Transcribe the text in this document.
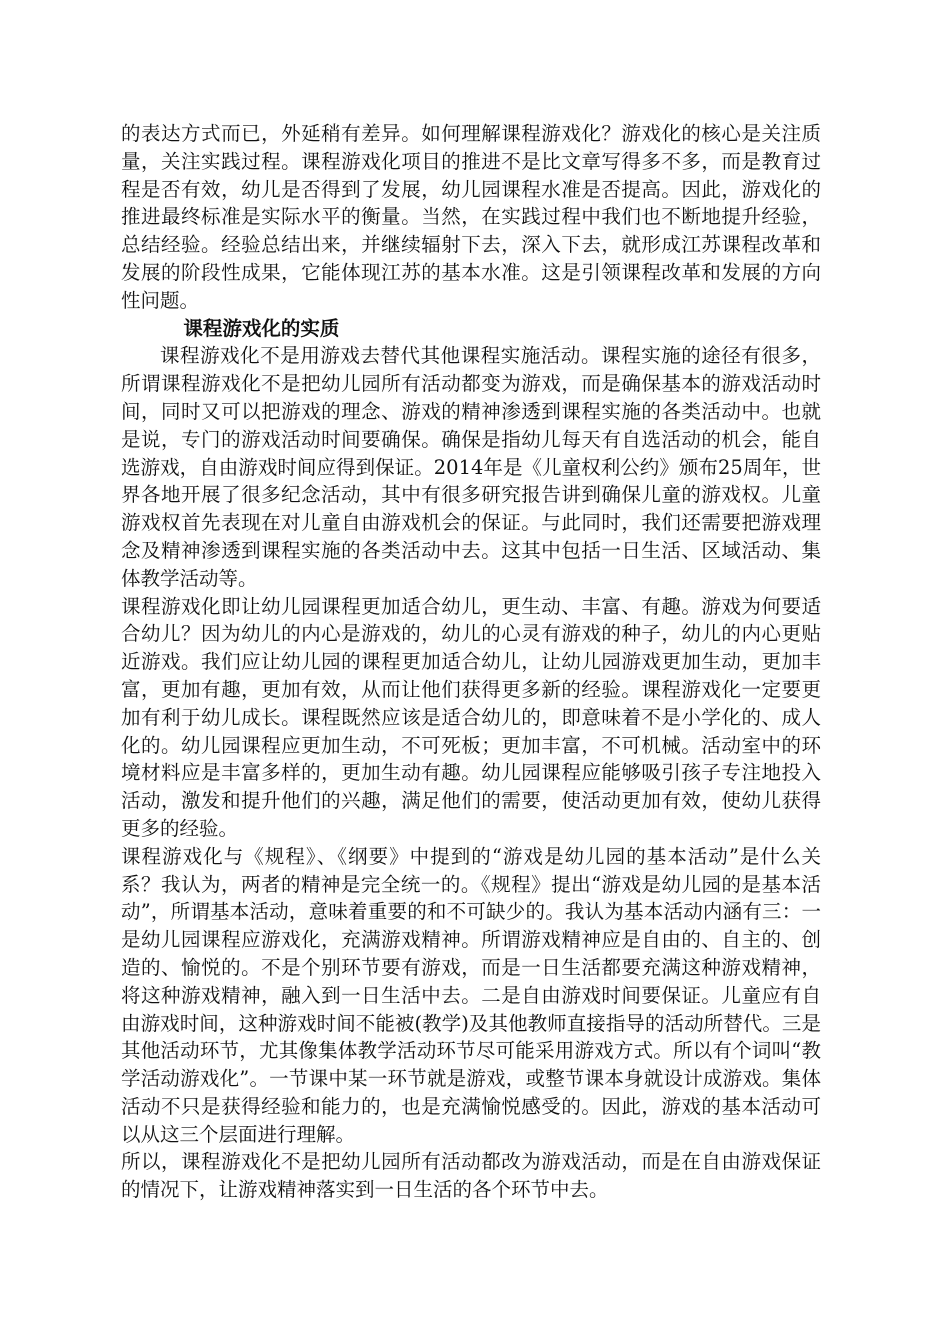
的表达方式而已，外延稍有差异。如何理解课程游戏化？游戏化的核心是关注质量，关注实践过程。课程游戏化项目的推进不是比文章写得多不多，而是教育过程是否有效，幼儿是否得到了发展，幼儿园课程水准是否提高。因此，游戏化的推进最终标准是实际水平的衡量。当然，在实践过程中我们也不断地提升经验，总结经验。经验总结出来，并继续辐射下去，深入下去，就形成江苏课程改革和发展的阶段性成果，它能体现江苏的基本水准。这是引领课程改革和发展的方向性问题。

课程游戏化的实质

课程游戏化不是用游戏去替代其他课程实施活动。课程实施的途径有很多，所谓课程游戏化不是把幼儿园所有活动都变为游戏，而是确保基本的游戏活动时间，同时又可以把游戏的理念、游戏的精神渗透到课程实施的各类活动中。也就是说，专门的游戏活动时间要确保。确保是指幼儿每天有自选活动的机会，能自选游戏，自由游戏时间应得到保证。2014年是《儿童权利公约》颁布25周年，世界各地开展了很多纪念活动，其中有很多研究报告讲到确保儿童的游戏权。儿童游戏权首先表现在对儿童自由游戏机会的保证。与此同时，我们还需要把游戏理念及精神渗透到课程实施的各类活动中去。这其中包括一日生活、区域活动、集体教学活动等。

课程游戏化即让幼儿园课程更加适合幼儿，更生动、丰富、有趣。游戏为何要适合幼儿？因为幼儿的内心是游戏的，幼儿的心灵有游戏的种子，幼儿的内心更贴近游戏。我们应让幼儿园的课程更加适合幼儿，让幼儿园游戏更加生动，更加丰富，更加有趣，更加有效，从而让他们获得更多新的经验。课程游戏化一定要更加有利于幼儿成长。课程既然应该是适合幼儿的，即意味着不是小学化的、成人化的。幼儿园课程应更加生动，不可死板；更加丰富，不可机械。活动室中的环境材料应是丰富多样的，更加生动有趣。幼儿园课程应能够吸引孩子专注地投入活动，激发和提升他们的兴趣，满足他们的需要，使活动更加有效，使幼儿获得更多的经验。

课程游戏化与《规程》、《纲要》中提到的“游戏是幼儿园的基本活动”是什么关系？我认为，两者的精神是完全统一的。《规程》提出“游戏是幼儿园的是基本活动”，所谓基本活动，意味着重要的和不可缺少的。我认为基本活动内涵有三：一是幼儿园课程应游戏化，充满游戏精神。所谓游戏精神应是自由的、自主的、创造的、愉悦的。不是个别环节要有游戏，而是一日生活都要充满这种游戏精神，将这种游戏精神，融入到一日生活中去。二是自由游戏时间要保证。儿童应有自由游戏时间，这种游戏时间不能被(教学)及其他教师直接指导的活动所替代。三是其他活动环节，尤其像集体教学活动环节尽可能采用游戏方式。所以有个词叫“教学活动游戏化”。一节课中某一环节就是游戏，或整节课本身就设计成游戏。集体活动不只是获得经验和能力的，也是充满愉悦感受的。因此，游戏的基本活动可以从这三个层面进行理解。

所以，课程游戏化不是把幼儿园所有活动都改为游戏活动，而是在自由游戏保证的情况下，让游戏精神落实到一日生活的各个环节中去。
